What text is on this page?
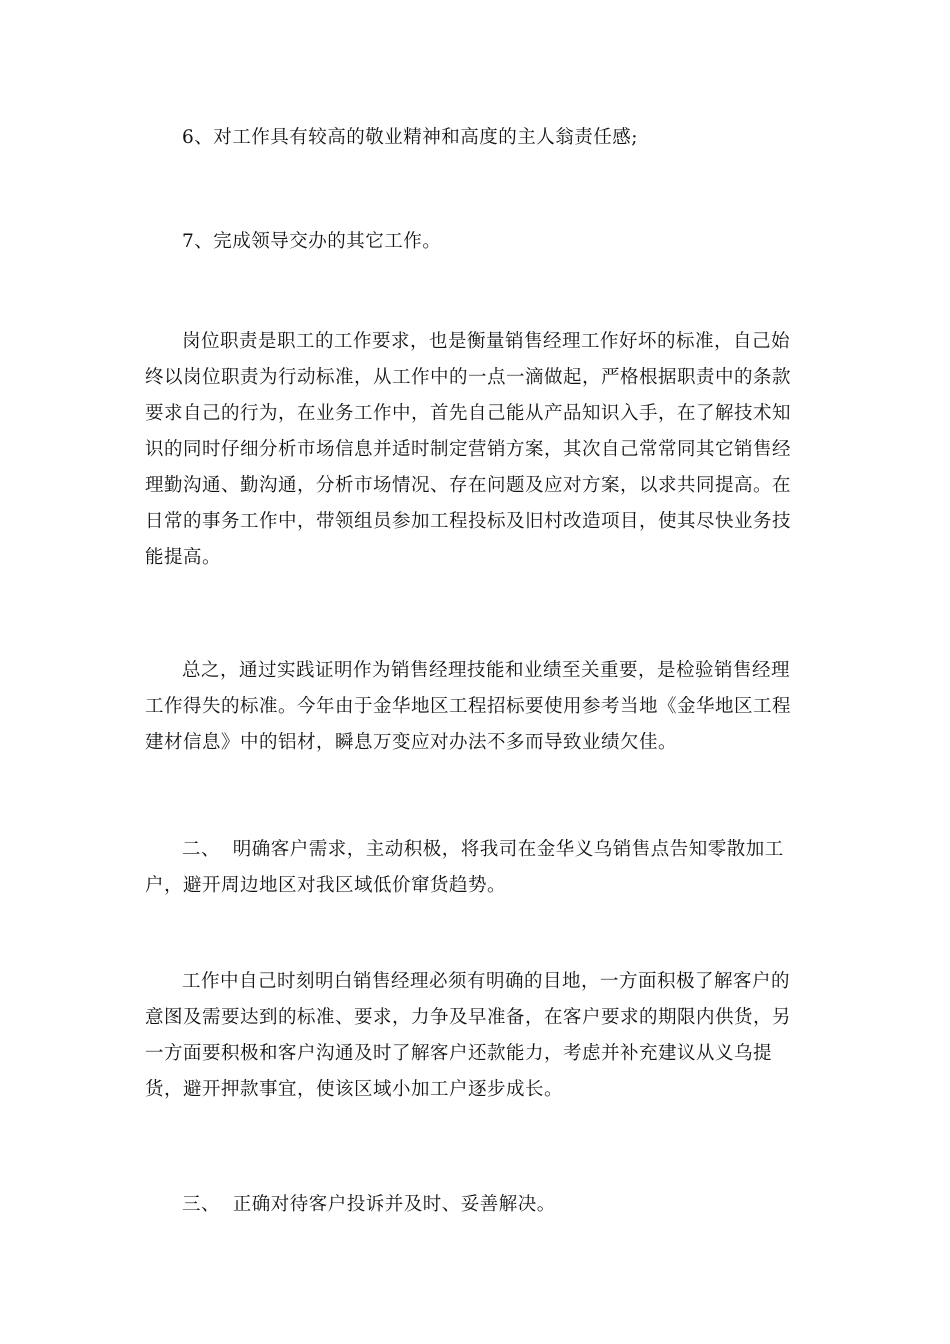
6、对工作具有较高的敬业精神和高度的主人翁责任感;

7、完成领导交办的其它工作。

岗位职责是职工的工作要求，也是衡量销售经理工作好坏的标准，自己始终以岗位职责为行动标准，从工作中的一点一滴做起，严格根据职责中的条款要求自己的行为，在业务工作中，首先自己能从产品知识入手，在了解技术知识的同时仔细分析市场信息并适时制定营销方案，其次自己常常同其它销售经理勤沟通、勤沟通，分析市场情况、存在问题及应对方案，以求共同提高。在日常的事务工作中，带领组员参加工程投标及旧村改造项目，使其尽快业务技能提高。

总之，通过实践证明作为销售经理技能和业绩至关重要，是检验销售经理工作得失的标准。今年由于金华地区工程招标要使用参考当地《金华地区工程建材信息》中的铝材，瞬息万变应对办法不多而导致业绩欠佳。

二、  明确客户需求，主动积极，将我司在金华义乌销售点告知零散加工户，避开周边地区对我区域低价窜货趋势。

工作中自己时刻明白销售经理必须有明确的目地，一方面积极了解客户的意图及需要达到的标准、要求，力争及早准备，在客户要求的期限内供货，另一方面要积极和客户沟通及时了解客户还款能力，考虑并补充建议从义乌提货，避开押款事宜，使该区域小加工户逐步成长。

三、  正确对待客户投诉并及时、妥善解决。
